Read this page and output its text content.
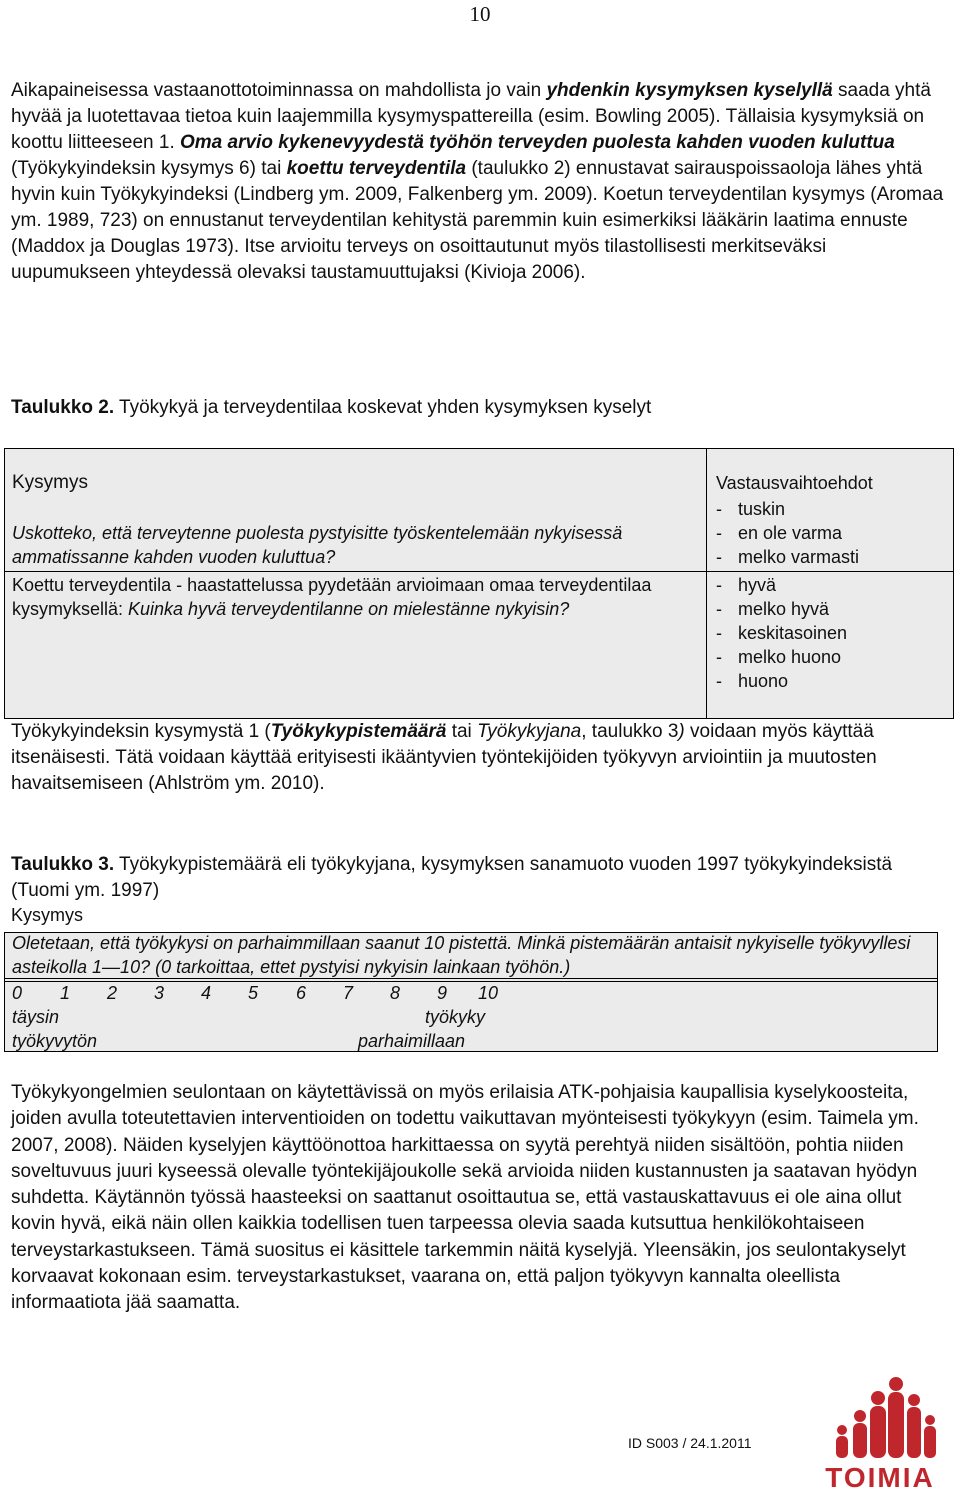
10

Aikapaineisessa vastaanottotoiminnassa on mahdollista jo vain yhdenkin kysymyksen kyselyllä saada yhtä hyvää ja luotettavaa tietoa kuin laajemmilla kysymyspattereilla (esim. Bowling 2005). Tällaisia kysymyksiä on koottu liitteeseen 1. Oma arvio kykenevyydestä työhön terveyden puolesta kahden vuoden kuluttua (Työkykyindeksin kysymys 6) tai koettu terveydentila (taulukko 2) ennustavat sairauspoissaoloja lähes yhtä hyvin kuin Työkykyindeksi (Lindberg ym. 2009, Falkenberg ym. 2009). Koetun terveydentilan kysymys (Aromaa ym. 1989, 723) on ennustanut terveydentilan kehitystä paremmin kuin esimerkiksi lääkärin laatima ennuste (Maddox ja Douglas 1973). Itse arvioitu terveys on osoittautunut myös tilastollisesti merkitseväksi uupumukseen yhteydessä olevaksi taustamuuttujaksi (Kivioja 2006).

Taulukko 2. Työkykyä ja terveydentilaa koskevat yhden kysymyksen kyselyt

Kysymys
Uskotteko, että terveytenne puolesta pystyisitte työskentelemään nykyisessä ammatissanne kahden vuoden kuluttua?
Koettu terveydentila - haastattelussa pyydetään arvioimaan omaa terveydentilaa kysymyksellä: Kuinka hyvä terveydentilanne on mielestänne nykyisin?
Vastausvaihtoehdot
- tuskin
- en ole varma
- melko varmasti
- hyvä
- melko hyvä
- keskitasoinen
- melko huono
- huono

Työkykyindeksin kysymystä 1 (Työkykypistemäärä tai Työkykyjana, taulukko 3) voidaan myös käyttää itsenäisesti. Tätä voidaan käyttää erityisesti ikääntyvien työntekijöiden työkyvyn arviointiin ja muutosten havaitsemiseen (Ahlström ym. 2010).

Taulukko 3. Työkykypistemäärä eli työkykyjana, kysymyksen sanamuoto vuoden 1997 työkykyindeksistä (Tuomi ym. 1997)

Kysymys
Oletetaan, että työkykysi on parhaimmillaan saanut 10 pistettä. Minkä pistemäärän antaisit nykyiselle työkyvyllesi asteikolla 1—10? (0 tarkoittaa, ettet pystyisi nykyisin lainkaan työhön.)
0 1 2 3 4 5 6 7 8 9 10
täysin
työkyvytön
työkyky
parhaimillaan

Työkykyongelmien seulontaan on käytettävissä on myös erilaisia ATK-pohjaisia kaupallisia kyselykoosteita, joiden avulla toteutettavien interventioiden on todettu vaikuttavan myönteisesti työkykyyn (esim. Taimela ym. 2007, 2008). Näiden kyselyjen käyttöönottoa harkittaessa on syytä perehtyä niiden sisältöön, pohtia niiden soveltuvuus juuri kyseessä olevalle työntekijäjoukolle sekä arvioida niiden kustannusten ja saatavan hyödyn suhdetta. Käytännön työssä haasteeksi on saattanut osoittautua se, että vastauskattavuus ei ole aina ollut kovin hyvä, eikä näin ollen kaikkia todellisen tuen tarpeessa olevia saada kutsuttua henkilökohtaiseen terveystarkastukseen. Tämä suositus ei käsittele tarkemmin näitä kyselyjä. Yleensäkin, jos seulontakyselyt korvaavat kokonaan esim. terveystarkastukset, vaarana on, että paljon työkyvyn kannalta oleellista informaatiota jää saamatta.

ID S003 / 24.1.2011
TOIMIA
